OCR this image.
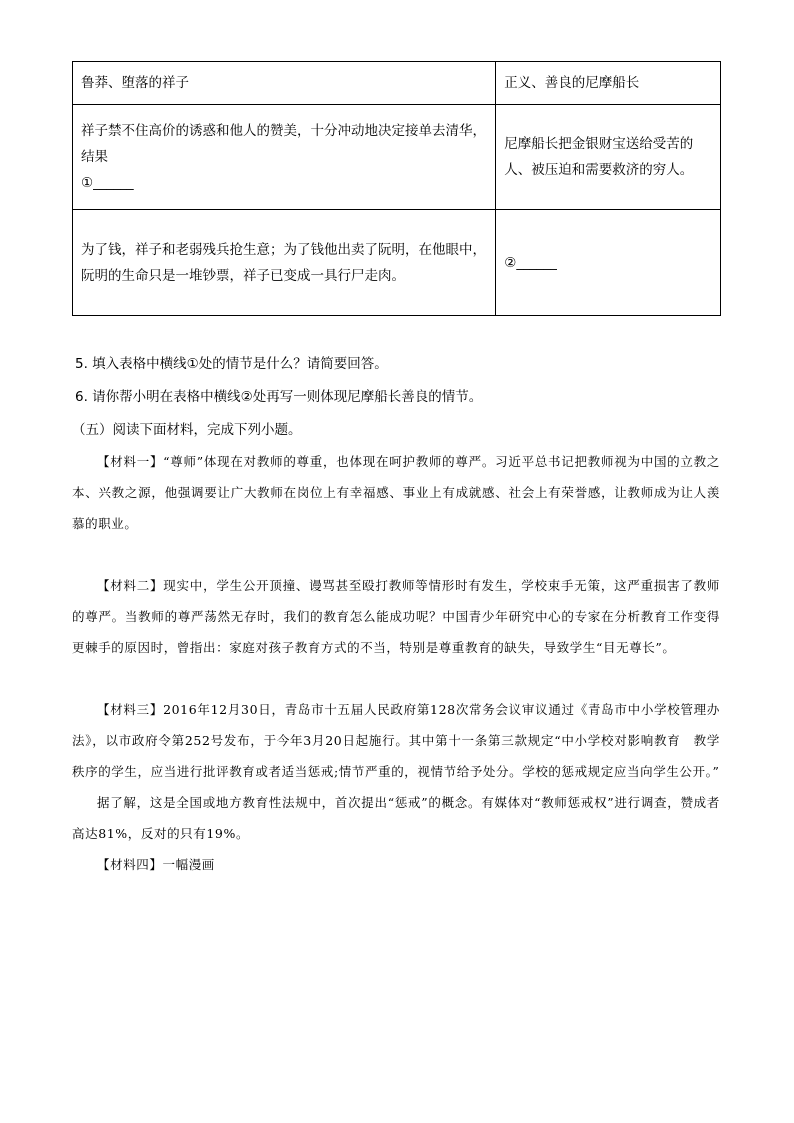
鲁莽、堕落的祥子	正义、善良的尼摩船长
祥子禁不住高价的诱惑和他人的赞美，十分冲动地决定接单去清华，结果
①______	尼摩船长把金银财宝送给受苦的人、被压迫和需要救济的穷人。
为了钱，祥子和老弱残兵抢生意；为了钱他出卖了阮明，在他眼中，阮明的生命只是一堆钞票，祥子已变成一具行尸走肉。	②______
5. 填入表格中横线①处的情节是什么？请简要回答。
6. 请你帮小明在表格中横线②处再写一则体现尼摩船长善良的情节。
（五）阅读下面材料，完成下列小题。

【材料一】“尊师”体现在对教师的尊重，也体现在呵护教师的尊严。习近平总书记把教师视为中国的立教之本、兴教之源，他强调要让广大教师在岗位上有幸福感、事业上有成就感、社会上有荣誉感，让教师成为让人羡慕的职业。

【材料二】现实中，学生公开顶撞、谩骂甚至殴打教师等情形时有发生，学校束手无策，这严重损害了教师的尊严。当教师的尊严荡然无存时，我们的教育怎么能成功呢？中国青少年研究中心的专家在分析教育工作变得更棘手的原因时，曾指出：家庭对孩子教育方式的不当，特别是尊重教育的缺失，导致学生“目无尊长”。

【材料三】2016年12月30日，青岛市十五届人民政府第128次常务会议审议通过《青岛市中小学校管理办法》，以市政府令第252号发布，于今年3月20日起施行。其中第十一条第三款规定“中小学校对影响教育　教学秩序的学生，应当进行批评教育或者适当惩戒;情节严重的，视情节给予处分。学校的惩戒规定应当向学生公开。”

据了解，这是全国或地方教育性法规中，首次提出“惩戒”的概念。有媒体对“教师惩戒权”进行调查，赞成者高达81%，反对的只有19%。

【材料四】一幅漫画
